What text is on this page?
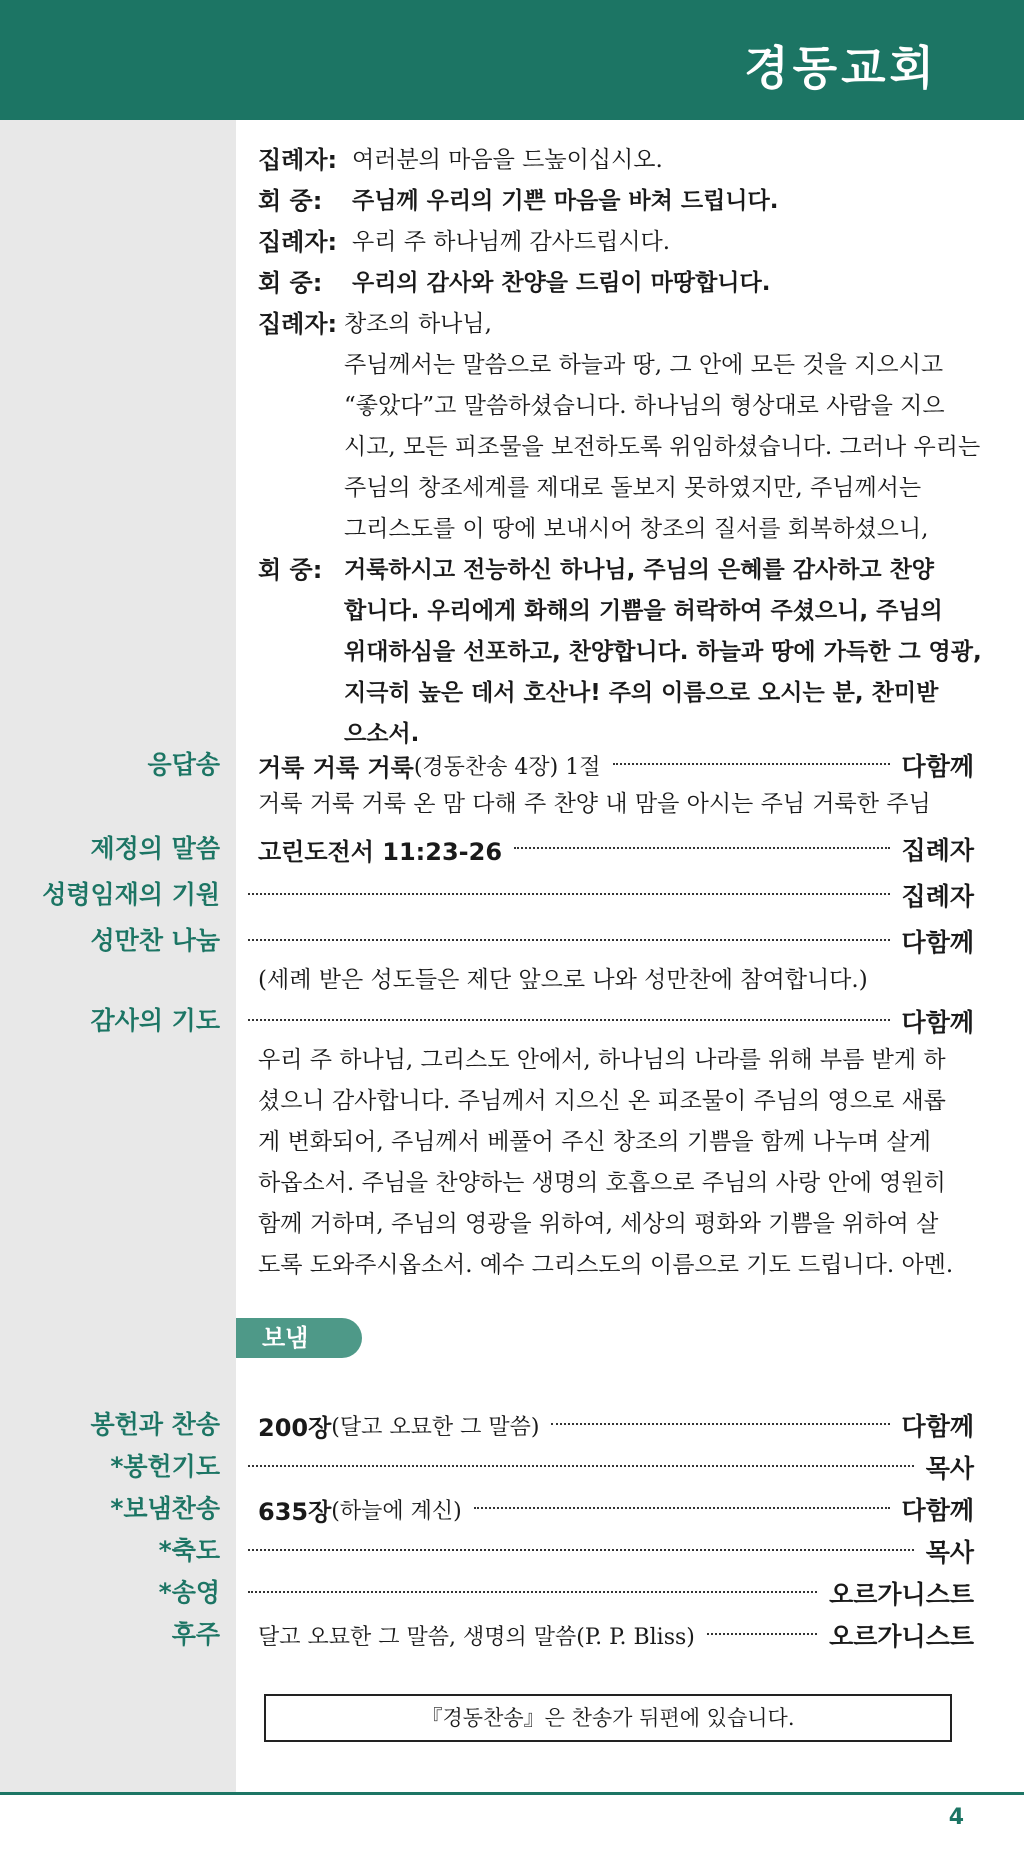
경동교회
집례자: 여러분의 마음을 드높이십시오.
회 중: 주님께 우리의 기쁜 마음을 바쳐 드립니다.
집례자: 우리 주 하나님께 감사드립시다.
회 중: 우리의 감사와 찬양을 드림이 마땅합니다.
집례자: 창조의 하나님,
주님께서는 말씀으로 하늘과 땅, 그 안에 모든 것을 지으시고
“좋았다”고 말씀하셨습니다. 하나님의 형상대로 사람을 지으
시고, 모든 피조물을 보전하도록 위임하셨습니다. 그러나 우리는
주님의 창조세계를 제대로 돌보지 못하였지만, 주님께서는
그리스도를 이 땅에 보내시어 창조의 질서를 회복하셨으니,
회 중: 거룩하시고 전능하신 하나님, 주님의 은혜를 감사하고 찬양
합니다. 우리에게 화해의 기쁨을 허락하여 주셨으니, 주님의
위대하심을 선포하고, 찬양합니다. 하늘과 땅에 가득한 그 영광,
지극히 높은 데서 호산나! 주의 이름으로 오시는 분, 찬미받
으소서.
응답송 거룩 거룩 거룩 (경동찬송 4장) 1절	다함께
거룩 거룩 거룩 온 맘 다해 주 찬양 내 맘을 아시는 주님 거룩한 주님
제정의 말씀 고린도전서 11:23-26	집례자
성령임재의 기원	집례자
성만찬 나눔	다함께
(세례 받은 성도들은 제단 앞으로 나와 성만찬에 참여합니다.)
감사의 기도	다함께
우리 주 하나님, 그리스도 안에서, 하나님의 나라를 위해 부름 받게 하
셨으니 감사합니다. 주님께서 지으신 온 피조물이 주님의 영으로 새롭
게 변화되어, 주님께서 베풀어 주신 창조의 기쁨을 함께 나누며 살게
하옵소서. 주님을 찬양하는 생명의 호흡으로 주님의 사랑 안에 영원히
함께 거하며, 주님의 영광을 위하여, 세상의 평화와 기쁨을 위하여 살
도록 도와주시옵소서. 예수 그리스도의 이름으로 기도 드립니다. 아멘.
보냄
봉헌과 찬송 200장 (달고 오묘한 그 말씀)	다함께
*봉헌기도	목사
*보냄찬송 635장 (하늘에 계신)	다함께
*축도	목사
*송영	오르가니스트
후주 달고 오묘한 그 말씀, 생명의 말씀(P. P. Bliss)	오르가니스트
『경동찬송』은 찬송가 뒤편에 있습니다.
4
